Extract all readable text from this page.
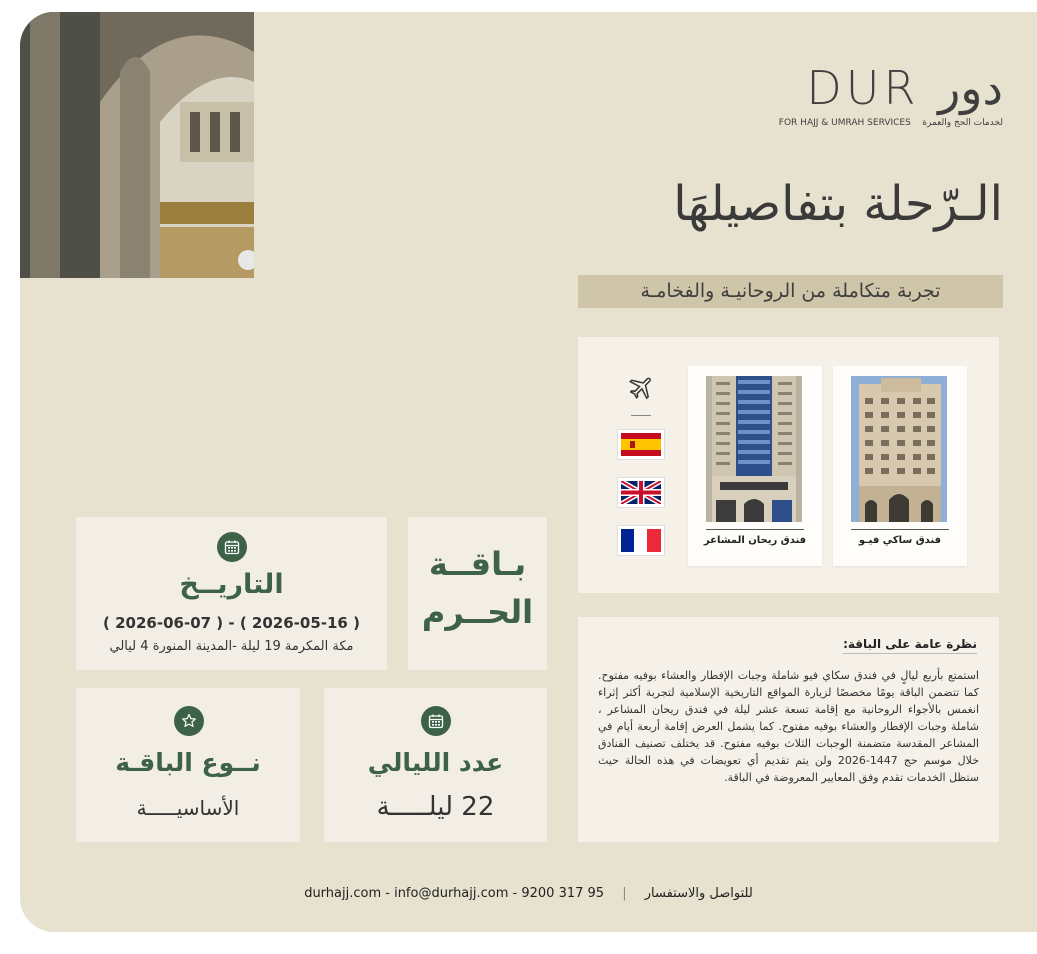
DUR دور
FOR HAJJ & UMRAH SERVICES لخدمات الحج والعمرة
الـرّحلة بتفاصيلهَا
تجربة متكاملة من الروحانيـة والفخامـة
فندق ساكي فيـو
فندق ريحان المشاعر
نظرة عامة على الباقة:
استمتع بأربع ليالٍ في فندق سكاي فيو شاملة وجبات الإفطار والعشاء بوفيه مفتوح. كما تتضمن الباقة يومًا مخصصًا لزيارة المواقع التاريخية الإسلامية لتجربة أكثر إثراء انغمس بالأجواء الروحانية مع إقامة تسعة عشر ليلة في فندق ريحان المشاعر ، شاملة وجبات الإفطار والعشاء بوفيه مفتوح. كما يشمل العرض إقامة أربعة أيام في المشاعر المقدسة متضمنة الوجبات الثلاث بوفيه مفتوح. قد يختلف تصنيف الفنادق خلال موسم حج 1447-2026 ولن يتم تقديم أي تعويضات في هذه الحالة حيث ستظل الخدمات تقدم وفق المعايير المعروضة في الباقة.
بـاقــة
الحــرم
التاريــخ
( 2026-05-16 ) - ( 2026-06-07 )
مكة المكرمة 19 ليلة -المدينة المنورة 4 ليالي
نــوع الباقـة
الأساسيـــــة
عدد الليالي
22 ليلـــــة
durhajj.com - info@durhajj.com - 9200 317 95 | للتواصل والاستفسار
